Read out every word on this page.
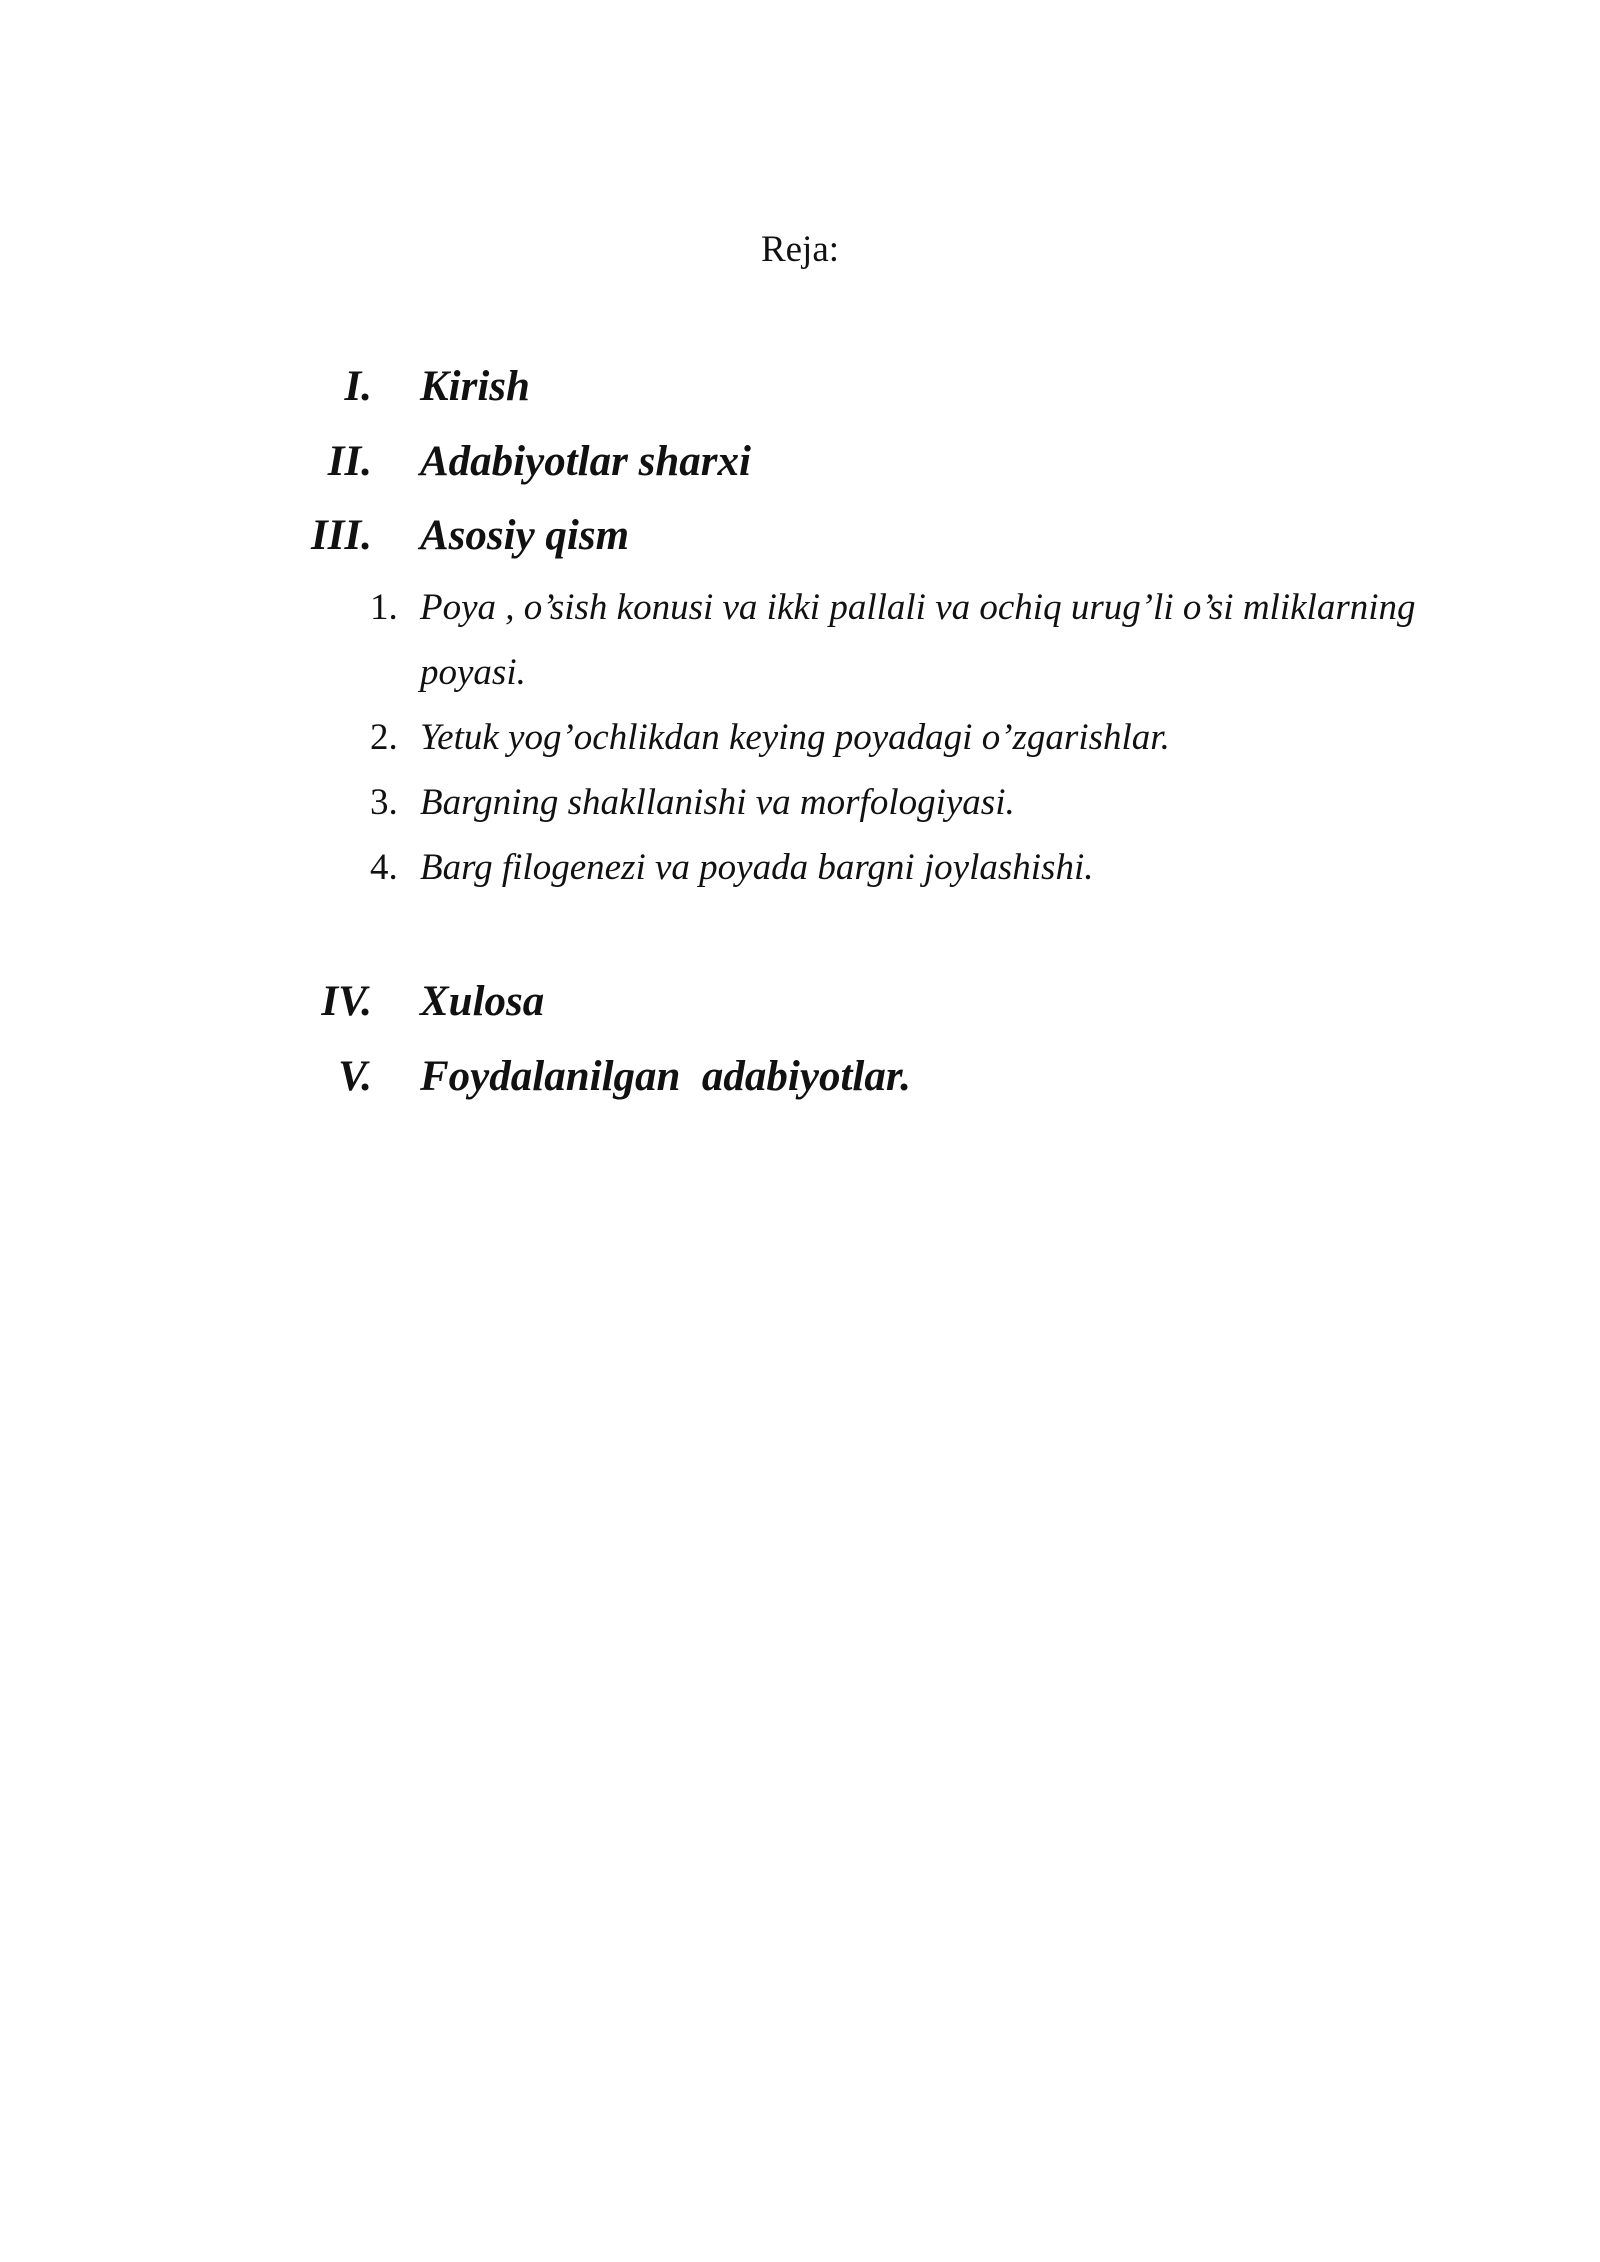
Reja:
I. Kirish
II. Adabiyotlar sharxi
III. Asosiy qism
1. Poya , o’sish konusi va ikki pallali va ochiq urug’li o’si mliklarning poyasi.
2. Yetuk yog’ochlikdan keying poyadagi o’zgarishlar.
3. Bargning shakllanishi va morfologiyasi.
4. Barg filogenezi va poyada bargni joylashishi.
IV. Xulosa
V. Foydalanilgan  adabiyotlar.
